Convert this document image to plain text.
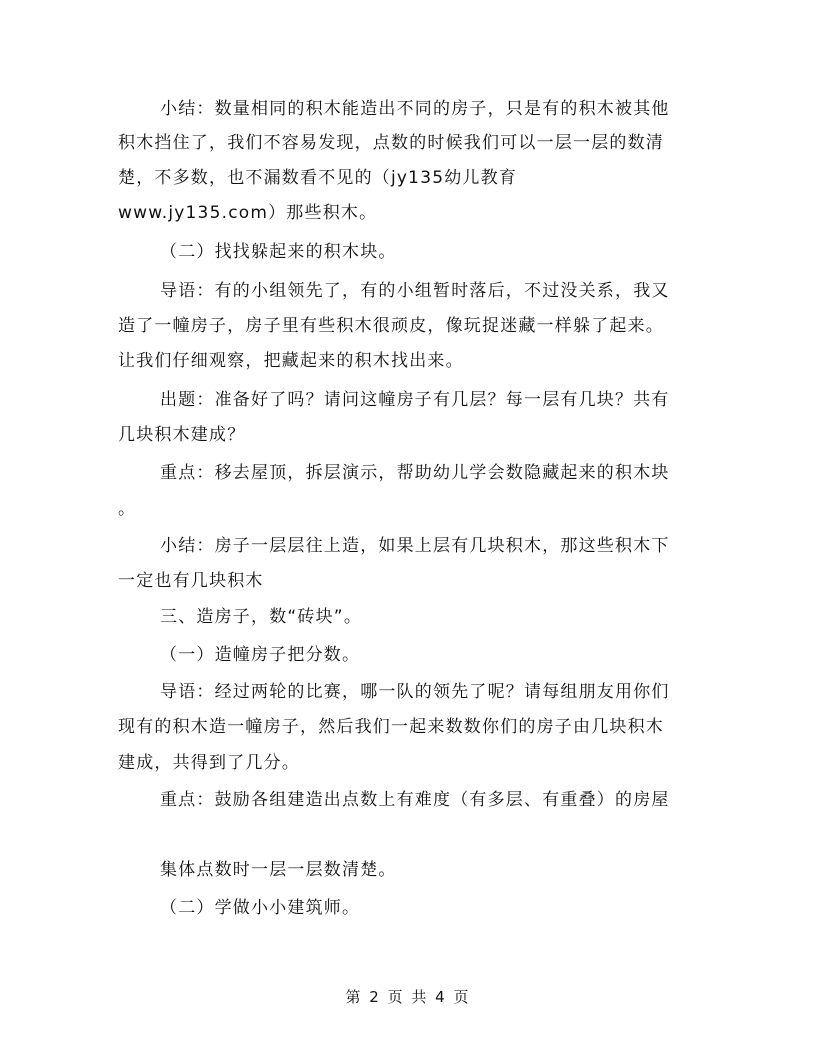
小结：数量相同的积木能造出不同的房子，只是有的积木被其他
积木挡住了，我们不容易发现，点数的时候我们可以一层一层的数清
楚，不多数，也不漏数看不见的（jy135幼儿教育
www.jy135.com）那些积木。
（二）找找躲起来的积木块。
导语：有的小组领先了，有的小组暂时落后，不过没关系，我又
造了一幢房子，房子里有些积木很顽皮，像玩捉迷藏一样躲了起来。
让我们仔细观察，把藏起来的积木找出来。
出题：准备好了吗？请问这幢房子有几层？每一层有几块？共有
几块积木建成？
重点：移去屋顶，拆层演示，帮助幼儿学会数隐藏起来的积木块
。
小结：房子一层层往上造，如果上层有几块积木，那这些积木下
一定也有几块积木
三、造房子，数“砖块”。
（一）造幢房子把分数。
导语：经过两轮的比赛，哪一队的领先了呢？请每组朋友用你们
现有的积木造一幢房子，然后我们一起来数数你们的房子由几块积木
建成，共得到了几分。
重点：鼓励各组建造出点数上有难度（有多层、有重叠）的房屋
集体点数时一层一层数清楚。
（二）学做小小建筑师。
第 2 页 共 4 页
